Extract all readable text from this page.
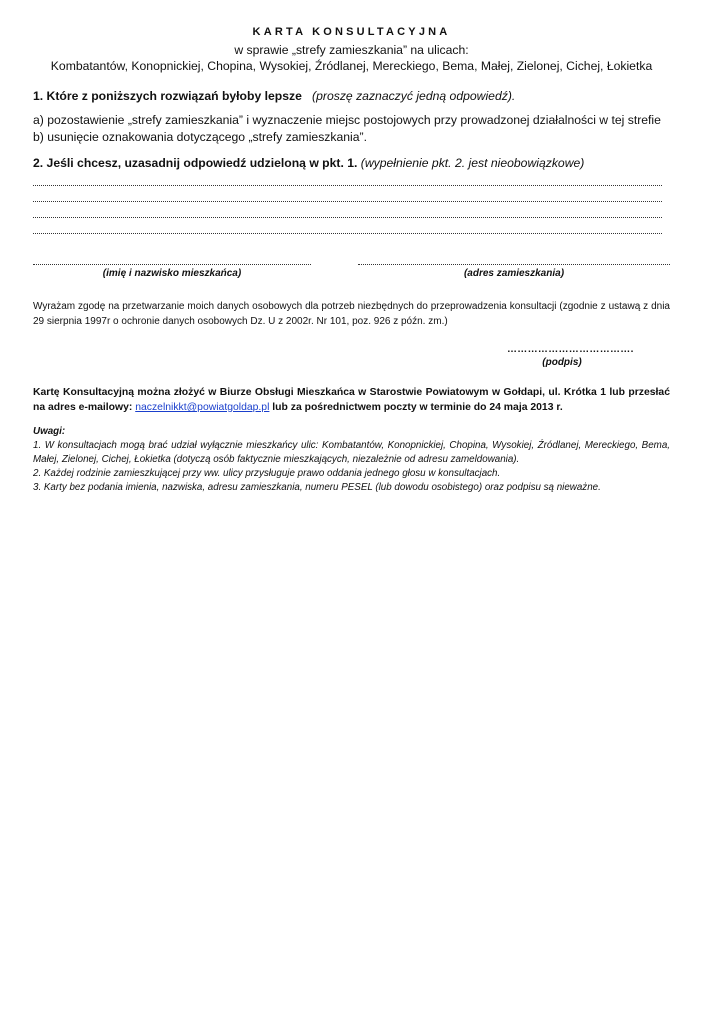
KARTA KONSULTACYJNA
w sprawie „strefy zamieszkania” na ulicach:
Kombatantów, Konopnickiej, Chopina, Wysokiej, Źródlanej, Mereckiego, Bema, Małej, Zielonej, Cichej, Łokietka
1. Które z poniższych rozwiązań byłoby lepsze (proszę zaznaczyć jedną odpowiedź).
a) pozostawienie „strefy zamieszkania” i wyznaczenie miejsc postojowych przy prowadzonej działalności w tej strefie
b) usunięcie oznakowania dotyczącego „strefy zamieszkania”.
2. Jeśli chcesz, uzasadnij odpowiedź udzieloną w pkt. 1. (wypełnienie pkt. 2. jest nieobowiązkowe)
(imię i nazwisko mieszkańca)	(adres zamieszkania)
Wyrażam zgodę na przetwarzanie moich danych osobowych dla potrzeb niezbędnych do przeprowadzenia konsultacji (zgodnie z ustawą z dnia 29 sierpnia 1997r o ochronie danych osobowych Dz. U z 2002r. Nr 101, poz. 926 z późn. zm.)
……………………………….
(podpis)
Kartę Konsultacyjną można złożyć w Biurze Obsługi Mieszkańca w Starostwie Powiatowym w Gołdapi, ul. Krótka 1 lub przesłać na adres e-mailowy: naczelnikkt@powiatgoldap.pl lub za pośrednictwem poczty w terminie do 24 maja 2013 r.
Uwagi:
1. W konsultacjach mogą brać udział wyłącznie mieszkańcy ulic: Kombatantów, Konopnickiej, Chopina, Wysokiej, Źródlanej, Mereckiego, Bema, Małej, Zielonej, Cichej, Łokietka (dotyczą osób faktycznie mieszkających, niezależnie od adresu zameldowania).
2. Każdej rodzinie zamieszkującej przy ww. ulicy przysługuje prawo oddania jednego głosu w konsultacjach.
3. Karty bez podania imienia, nazwiska, adresu zamieszkania, numeru PESEL (lub dowodu osobistego) oraz podpisu są nieważne.
